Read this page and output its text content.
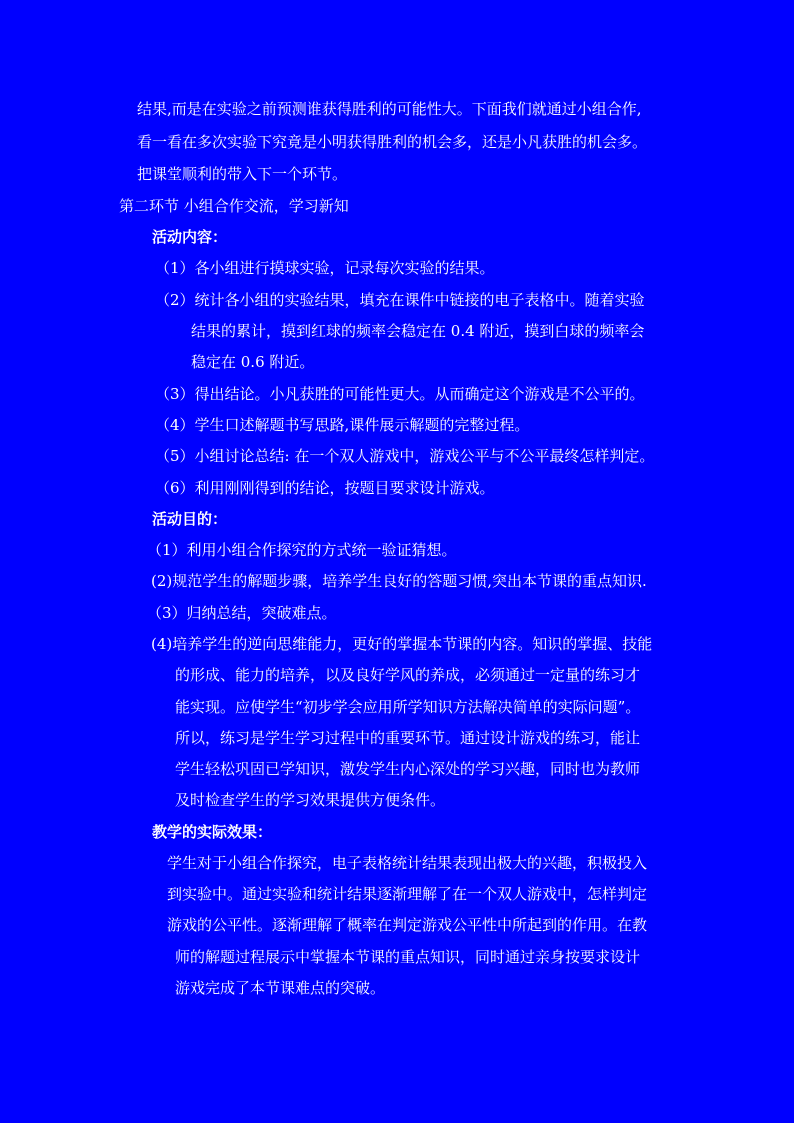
结果,而是在实验之前预测谁获得胜利的可能性大。下面我们就通过小组合作,
看一看在多次实验下究竟是小明获得胜利的机会多，还是小凡获胜的机会多。
把课堂顺利的带入下一个环节。
第二环节 小组合作交流，学习新知
活动内容：
（1）各小组进行摸球实验，记录每次实验的结果。
（2）统计各小组的实验结果，填充在课件中链接的电子表格中。随着实验
结果的累计，摸到红球的频率会稳定在 0.4 附近，摸到白球的频率会
稳定在 0.6 附近。
（3）得出结论。小凡获胜的可能性更大。从而确定这个游戏是不公平的。
（4）学生口述解题书写思路,课件展示解题的完整过程。
（5）小组讨论总结: 在一个双人游戏中，游戏公平与不公平最终怎样判定。
（6）利用刚刚得到的结论，按题目要求设计游戏。
活动目的：
（1）利用小组合作探究的方式统一验证猜想。
(2)规范学生的解题步骤，培养学生良好的答题习惯,突出本节课的重点知识.
（3）归纳总结，突破难点。
(4)培养学生的逆向思维能力，更好的掌握本节课的内容。知识的掌握、技能
的形成、能力的培养，以及良好学风的养成，必须通过一定量的练习才
能实现。应使学生“初步学会应用所学知识方法解决简单的实际问题”。
所以，练习是学生学习过程中的重要环节。通过设计游戏的练习，能让
学生轻松巩固已学知识，激发学生内心深处的学习兴趣，同时也为教师
及时检查学生的学习效果提供方便条件。
教学的实际效果：
学生对于小组合作探究，电子表格统计结果表现出极大的兴趣，积极投入
到实验中。通过实验和统计结果逐渐理解了在一个双人游戏中，怎样判定
游戏的公平性。逐渐理解了概率在判定游戏公平性中所起到的作用。在教
师的解题过程展示中掌握本节课的重点知识，同时通过亲身按要求设计
游戏完成了本节课难点的突破。
